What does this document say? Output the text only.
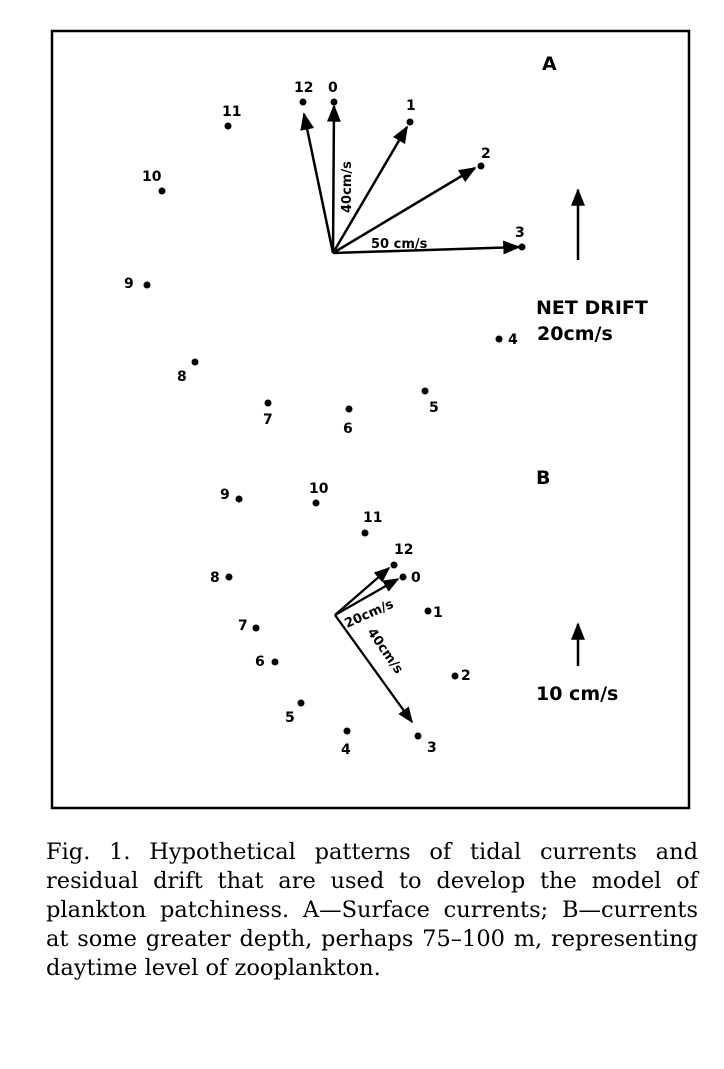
A
40cm/s
50 cm/s
0
1
2
3
4
5
6
7
8
9
10
11
12
NET DRIFT
20cm/s
B
20cm/s
40cm/s
0
1
2
3
4
5
6
7
8
9	10
11
12
10 cm/s

Fig. 1. Hypothetical patterns of tidal currents and residual drift that are used to develop the model of plankton patchiness. A—Surface currents; B—currents at some greater depth, perhaps 75–100 m, representing daytime level of zooplankton.
